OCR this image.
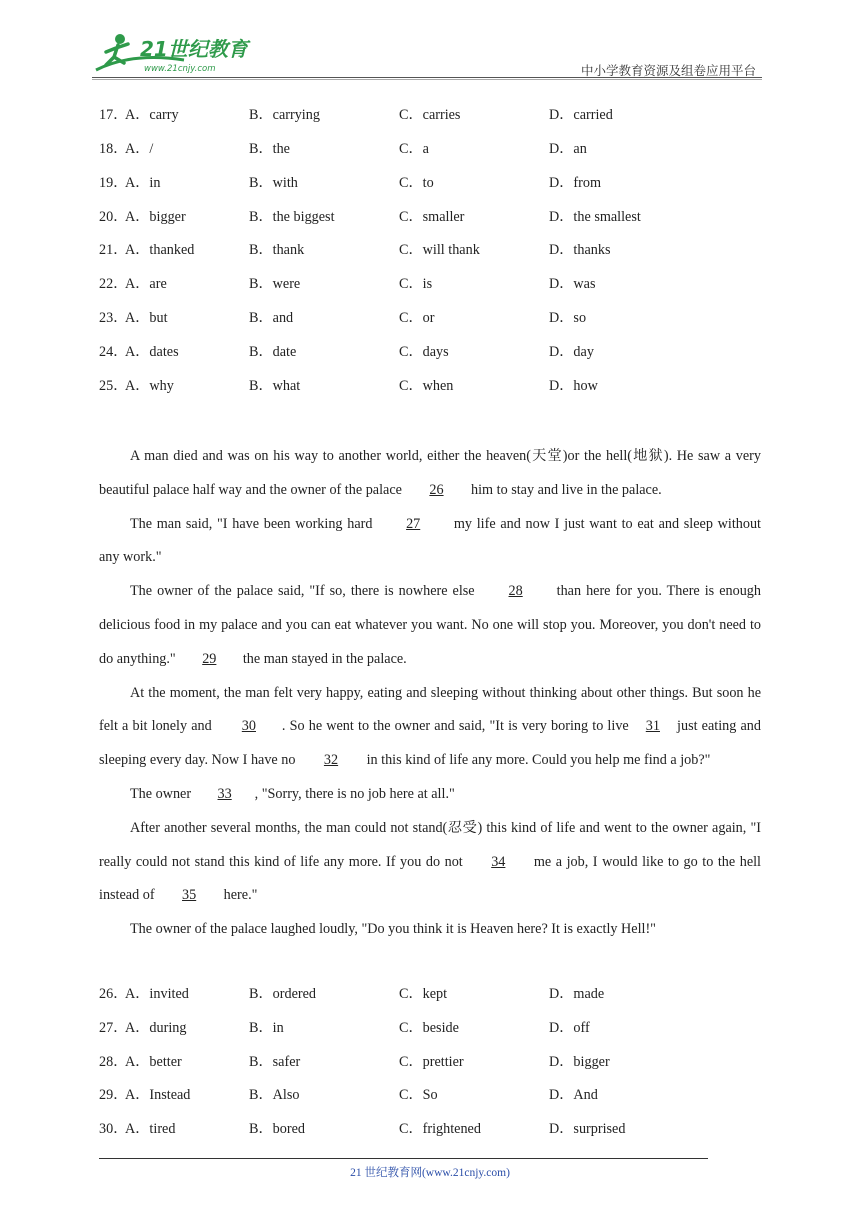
21世纪教育
www.21cnjy.com	中小学教育资源及组卷应用平台
17．
A．carry	B．carrying	C．carries	D．carried
18．
A．/	B．the	C．a	D．an
19．
A．in	B．with	C．to	D．from
20．
A．bigger	B．the biggest	C．smaller	D．the smallest
21．
A．thanked	B．thank	C．will thank	D．thanks
22．
A．are	B．were	C．is	D．was
23．
A．but	B．and	C．or	D．so
24．
A．dates	B．date	C．days	D．day
25．
A．why	B．what	C．when	D．how

A man died and was on his way to another world, either the heaven(天堂)or the hell(地狱). He saw a very beautiful palace half way and the owner of the palace 26 him to stay and live in the palace.

The man said, "I have been working hard 27 my life and now I just want to eat and sleep without any work."

The owner of the palace said, "If so, there is nowhere else 28 than here for you. There is enough delicious food in my palace and you can eat whatever you want. No one will stop you. Moreover, you don't need to do anything." 29 the man stayed in the palace.

At the moment, the man felt very happy, eating and sleeping without thinking about other things. But soon he felt a bit lonely and 30 . So he went to the owner and said, "It is very boring to live 31 just eating and sleeping every day. Now I have no 32 in this kind of life any more. Could you help me find a job?"

The owner 33 , "Sorry, there is no job here at all."

After another several months, the man could not stand(忍受) this kind of life and went to the owner again, "I really could not stand this kind of life any more. If you do not 34 me a job, I would like to go to the hell instead of 35 here."

The owner of the palace laughed loudly, "Do you think it is Heaven here? It is exactly Hell!"

26．
A．invited	B．ordered	C．kept	D．made
27．
A．during	B．in	C．beside	D．off
28．
A．better	B．safer	C．prettier	D．bigger
29．
A．Instead	B．Also	C．So	D．And
30．
A．tired	B．bored	C．frightened	D．surprised
21 世纪教育网(www.21cnjy.com)
